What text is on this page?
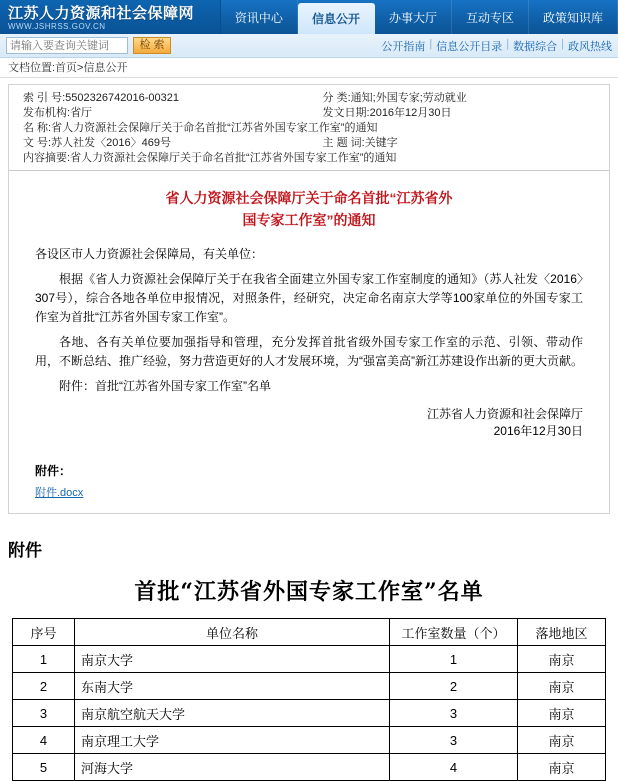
江苏人力资源和社会保障网
WWW.JSHRSS.GOV.CN
资讯中心	信息公开	办事大厅	互动专区	政策知识库
请输入要查询关键词
检 索	公开指南 | 信息公开目录 | 数据综合 | 政风热线
文档位置:首页>信息公开
索 引 号: 5502326742016-00321	分 类: 通知;外国专家;劳动就业
发布机构: 省厅	发文日期: 2016年12月30日
名 称: 省人力资源社会保障厅关于命名首批“江苏省外国专家工作室”的通知
文 号: 苏人社发〈2016〉469号	主 题 词: 关键字
内容摘要: 省人力资源社会保障厅关于命名首批“江苏省外国专家工作室”的通知
省人力资源社会保障厅关于命名首批“江苏省外
国专家工作室”的通知

各设区市人力资源社会保障局，有关单位：

根据《省人力资源社会保障厅关于在我省全面建立外国专家工作室制度的通知》（苏人社发〈2016〉307号），综合各地各单位申报情况，对照条件，经研究，决定命名南京大学等100家单位的外国专家工作室为首批“江苏省外国专家工作室”。

各地、各有关单位要加强指导和管理，充分发挥首批省级外国专家工作室的示范、引领、带动作用，不断总结、推广经验，努力营造更好的人才发展环境，为“强富美高”新江苏建设作出新的更大贡献。

附件：首批“江苏省外国专家工作室”名单

江苏省人力资源和社会保障厅
2016年12月30日
附件：
附件.docx
附件
首批“江苏省外国专家工作室”名单
序号	单位名称	工作室数量（个）	落地地区
1	南京大学	1	南京
2	东南大学	2	南京
3	南京航空航天大学	3	南京
4	南京理工大学	3	南京
5	河海大学	4	南京
